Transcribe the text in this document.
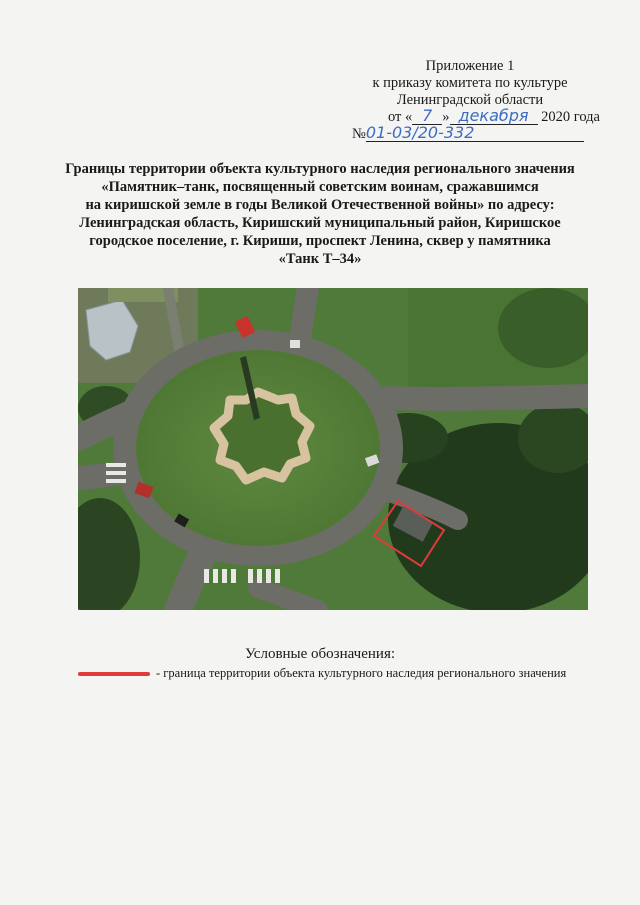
Приложение 1
к приказу комитета по культуре
Ленинградской области
от « 7 » декабря 2020 года
№01-03/20-332
Границы территории объекта культурного наследия регионального значения
«Памятник–танк, посвященный советским воинам, сражавшимся
на киришской земле в годы Великой Отечественной войны» по адресу:
Ленинградская область, Киришский муниципальный район, Киришское
городское поселение, г. Кириши, проспект Ленина, сквер у памятника
«Танк Т–34»
Условные обозначения:
- граница территории объекта культурного наследия регионального значения
